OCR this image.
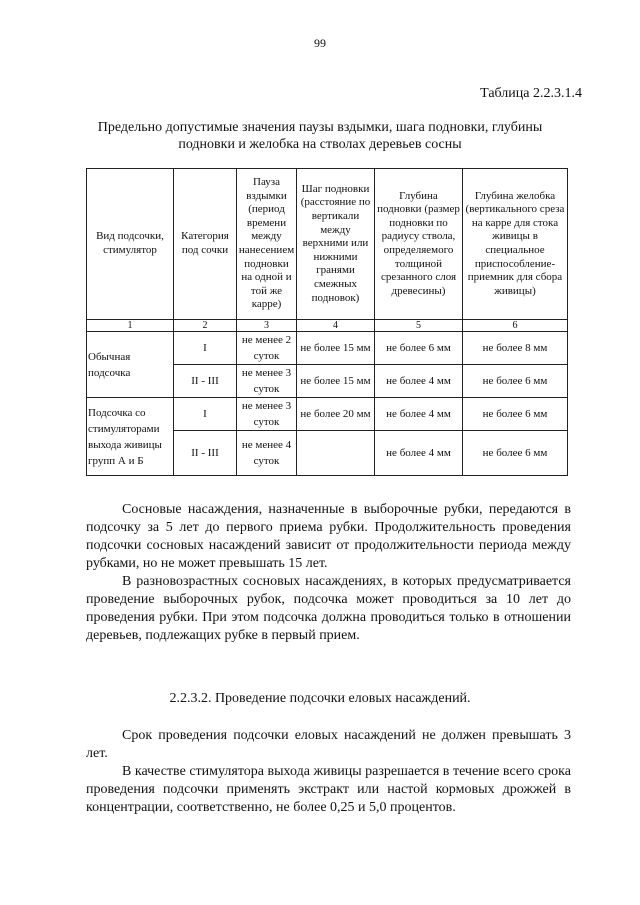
99
Таблица 2.2.3.1.4
Предельно допустимые значения паузы вздымки, шага подновки, глубины подновки и желобка на стволах деревьев сосны
Вид подсочки, стимулятор	Категория под сочки	Пауза вздымки (период времени между нанесением подновки на одной и той же карре)	Шаг подновки (расстояние по вертикали между верхними или нижними гранями смежных подновок)	Глубина подновки (размер подновки по радиусу ствола, определяемого толщиной срезанного слоя древесины)	Глубина желобка (вертикального среза на карре для стока живицы в специальное приспособление-приемник для сбора живицы)
1	2	3	4	5	6
Обычная подсочка	I	не менее 2 суток	не более 15 мм	не более 6 мм	не более 8 мм
	II - III	не менее 3 суток	не более 15 мм	не более 4 мм	не более 6 мм
Подсочка со стимуляторами выхода живицы групп А и Б	I	не менее 3 суток	не более 20 мм	не более 4 мм	не более 6 мм
	II - III	не менее 4 суток		не более 4 мм	не более 6 мм

Сосновые насаждения, назначенные в выборочные рубки, передаются в подсочку за 5 лет до первого приема рубки. Продолжительность проведения подсочки сосновых насаждений зависит от продолжительности периода между рубками, но не может превышать 15 лет.

В разновозрастных сосновых насаждениях, в которых предусматривается проведение выборочных рубок, подсочка может проводиться за 10 лет до проведения рубки. При этом подсочка должна проводиться только в отношении деревьев, подлежащих рубке в первый прием.

2.2.3.2. Проведение подсочки еловых насаждений.

Срок проведения подсочки еловых насаждений не должен превышать 3 лет.

В качестве стимулятора выхода живицы разрешается в течение всего срока проведения подсочки применять экстракт или настой кормовых дрожжей в концентрации, соответственно, не более 0,25 и 5,0 процентов.
